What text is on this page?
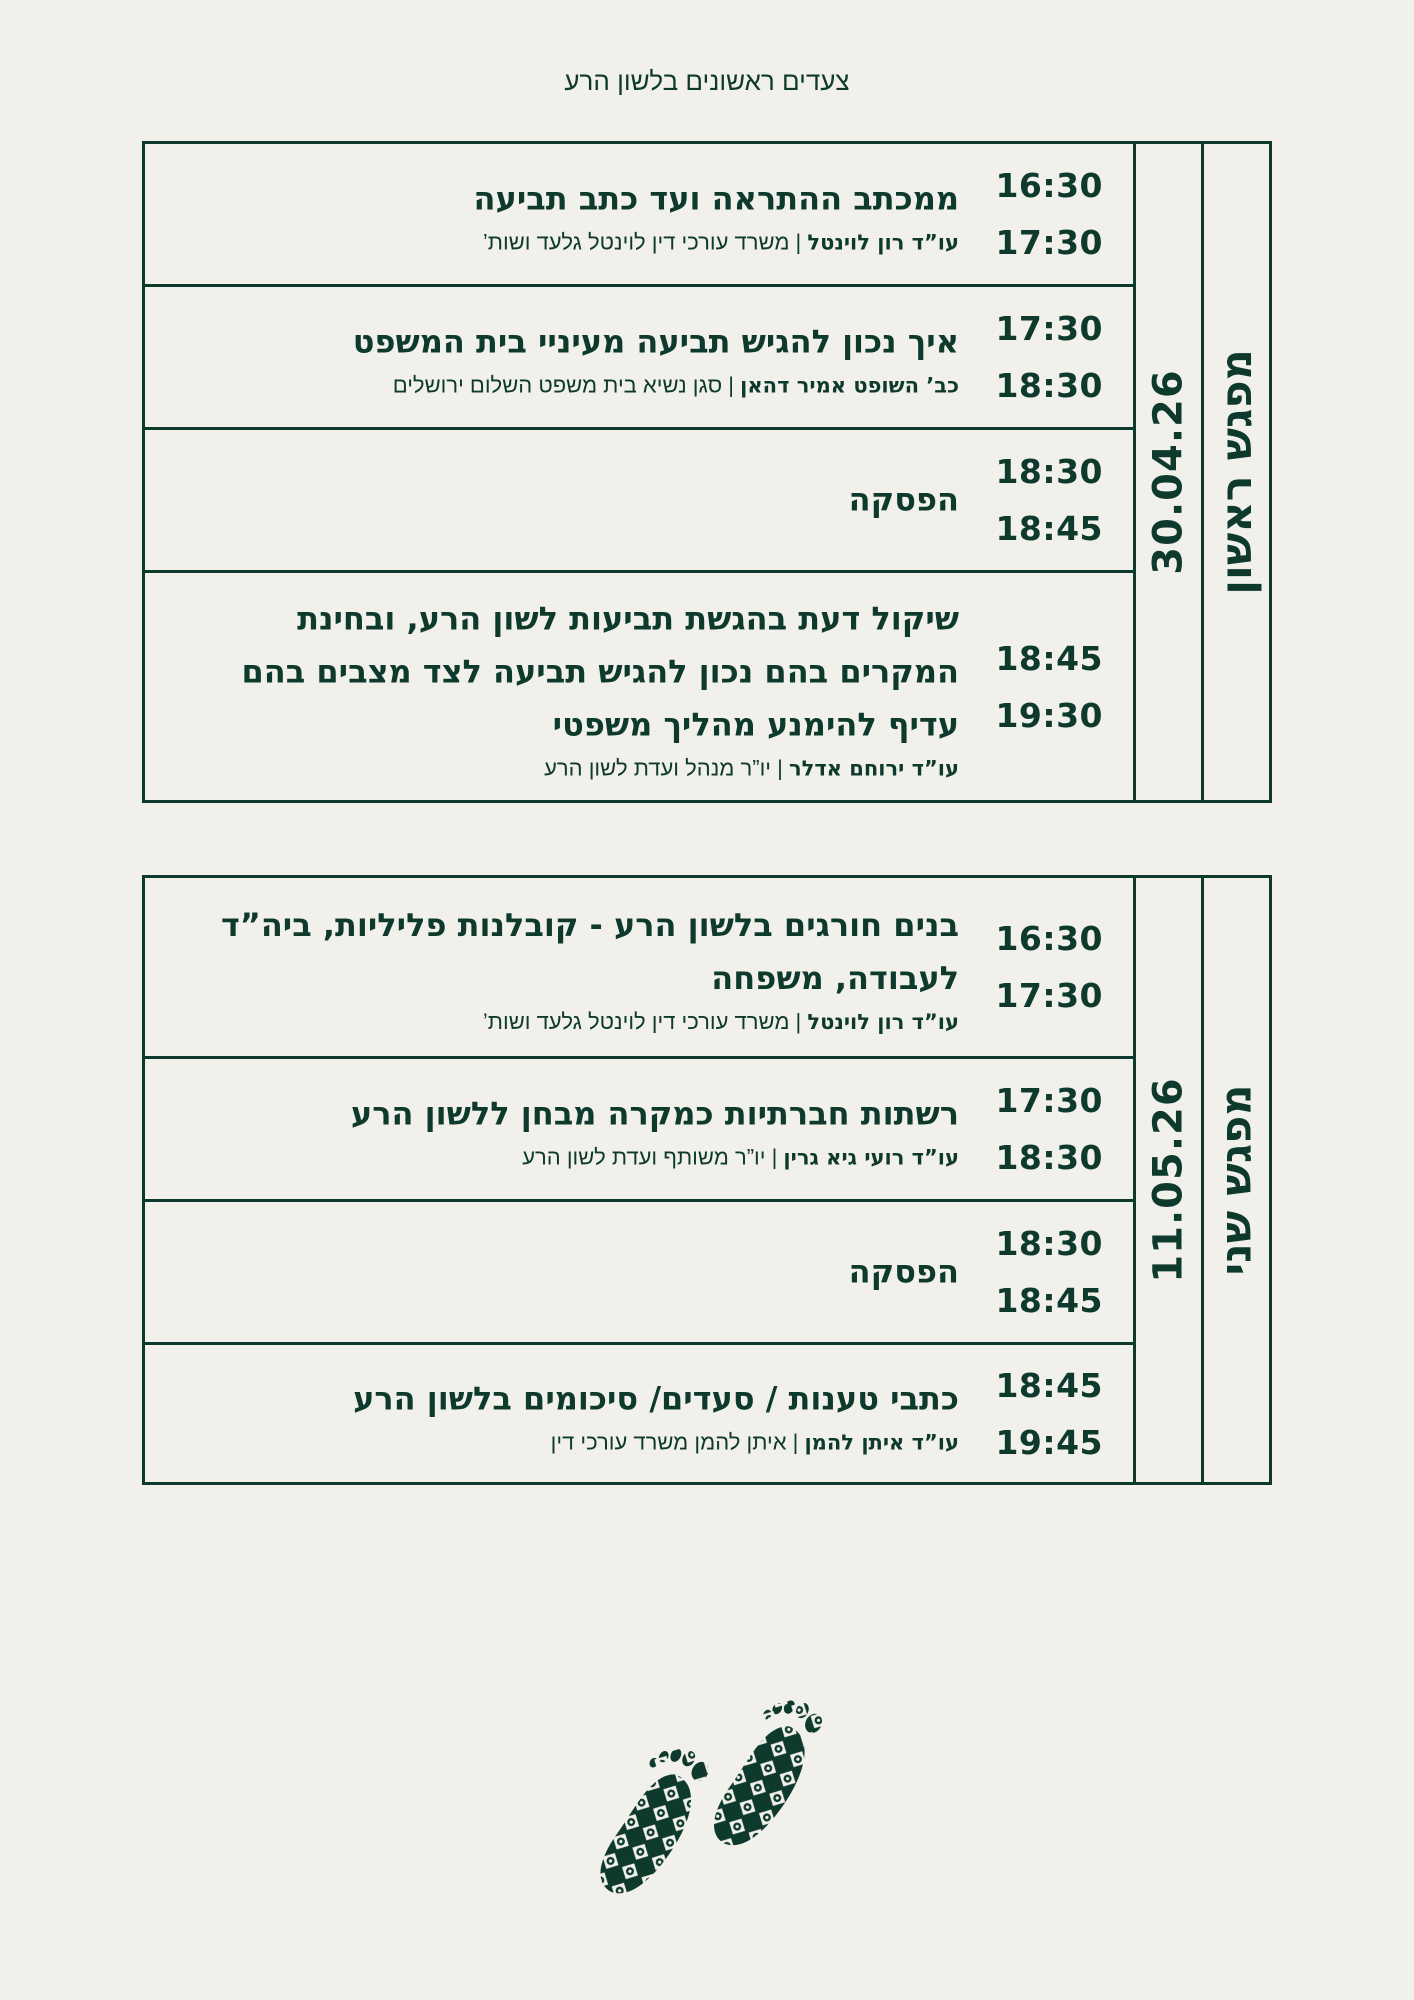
צעדים ראשונים בלשון הרע
ממכתב ההתראה ועד כתב תביעה
עו”ד רון לוינטל | משרד עורכי דין לוינטל גלעד ושות’
16:30
17:30
איך נכון להגיש תביעה מעיניי בית המשפט
כב’ השופט אמיר דהאן | סגן נשיא בית משפט השלום ירושלים
17:30
18:30
הפסקה
18:30
18:45
שיקול דעת בהגשת תביעות לשון הרע, ובחינת
המקרים בהם נכון להגיש תביעה לצד מצבים בהם
עדיף להימנע מהליך משפטי
עו”ד ירוחם אדלר | יו”ר מנהל ועדת לשון הרע
18:45
19:30
30.04.26 מפגש ראשון
בנים חורגים בלשון הרע - קובלנות פליליות, ביה”ד
לעבודה, משפחה
עו”ד רון לוינטל | משרד עורכי דין לוינטל גלעד ושות’
16:30
17:30
רשתות חברתיות כמקרה מבחן ללשון הרע
עו”ד רועי גיא גרין | יו”ר משותף ועדת לשון הרע
17:30
18:30
הפסקה
18:30
18:45
כתבי טענות / סעדים/ סיכומים בלשון הרע
עו”ד איתן להמן | איתן להמן משרד עורכי דין
18:45
19:45
11.05.26 מפגש שני
